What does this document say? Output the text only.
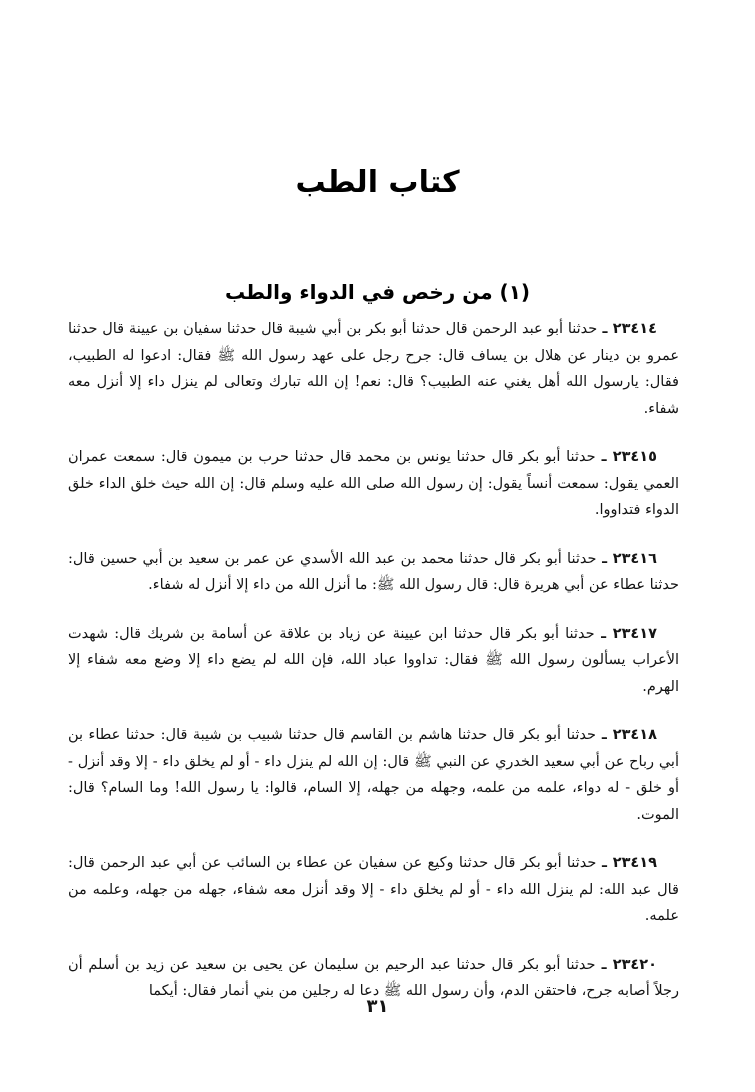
كتاب الطب
(١) من رخص في الدواء والطب

٢٣٤١٤ ـ حدثنا أبو عبد الرحمن قال حدثنا أبو بكر بن أبي شيبة قال حدثنا سفيان بن عيينة قال حدثنا عمرو بن دينار عن هلال بن يساف قال: جرح رجل على عهد رسول الله ﷺ فقال: ادعوا له الطبيب، فقال: يارسول الله أهل يغني عنه الطبيب؟ قال: نعم! إن الله تبارك وتعالى لم ينزل داء إلا أنزل معه شفاء.

٢٣٤١٥ ـ حدثنا أبو بكر قال حدثنا يونس بن محمد قال حدثنا حرب بن ميمون قال: سمعت عمران العمي يقول: سمعت أنساً يقول: إن رسول الله صلى الله عليه وسلم قال: إن الله حيث خلق الداء خلق الدواء فتداووا.

٢٣٤١٦ ـ حدثنا أبو بكر قال حدثنا محمد بن عبد الله الأسدي عن عمر بن سعيد بن أبي حسين قال: حدثنا عطاء عن أبي هريرة قال: قال رسول الله ﷺ: ما أنزل الله من داء إلا أنزل له شفاء.

٢٣٤١٧ ـ حدثنا أبو بكر قال حدثنا ابن عيينة عن زياد بن علاقة عن أسامة بن شريك قال: شهدت الأعراب يسألون رسول الله ﷺ فقال: تداووا عباد الله، فإن الله لم يضع داء إلا وضع معه شفاء إلا الهرم.

٢٣٤١٨ ـ حدثنا أبو بكر قال حدثنا هاشم بن القاسم قال حدثنا شبيب بن شيبة قال: حدثنا عطاء بن أبي رباح عن أبي سعيد الخدري عن النبي ﷺ قال: إن الله لم ينزل داء - أو لم يخلق داء - إلا وقد أنزل - أو خلق - له دواء، علمه من علمه، وجهله من جهله، إلا السام، قالوا: يا رسول الله! وما السام؟ قال: الموت.

٢٣٤١٩ ـ حدثنا أبو بكر قال حدثنا وكيع عن سفيان عن عطاء بن السائب عن أبي عبد الرحمن قال: قال عبد الله: لم ينزل الله داء - أو لم يخلق داء - إلا وقد أنزل معه شفاء، جهله من جهله، وعلمه من علمه.

٢٣٤٢٠ ـ حدثنا أبو بكر قال حدثنا عبد الرحيم بن سليمان عن يحيى بن سعيد عن زيد بن أسلم أن رجلاً أصابه جرح، فاحتقن الدم، وأن رسول الله ﷺ دعا له رجلين من بني أنمار فقال: أيكما

٣١
